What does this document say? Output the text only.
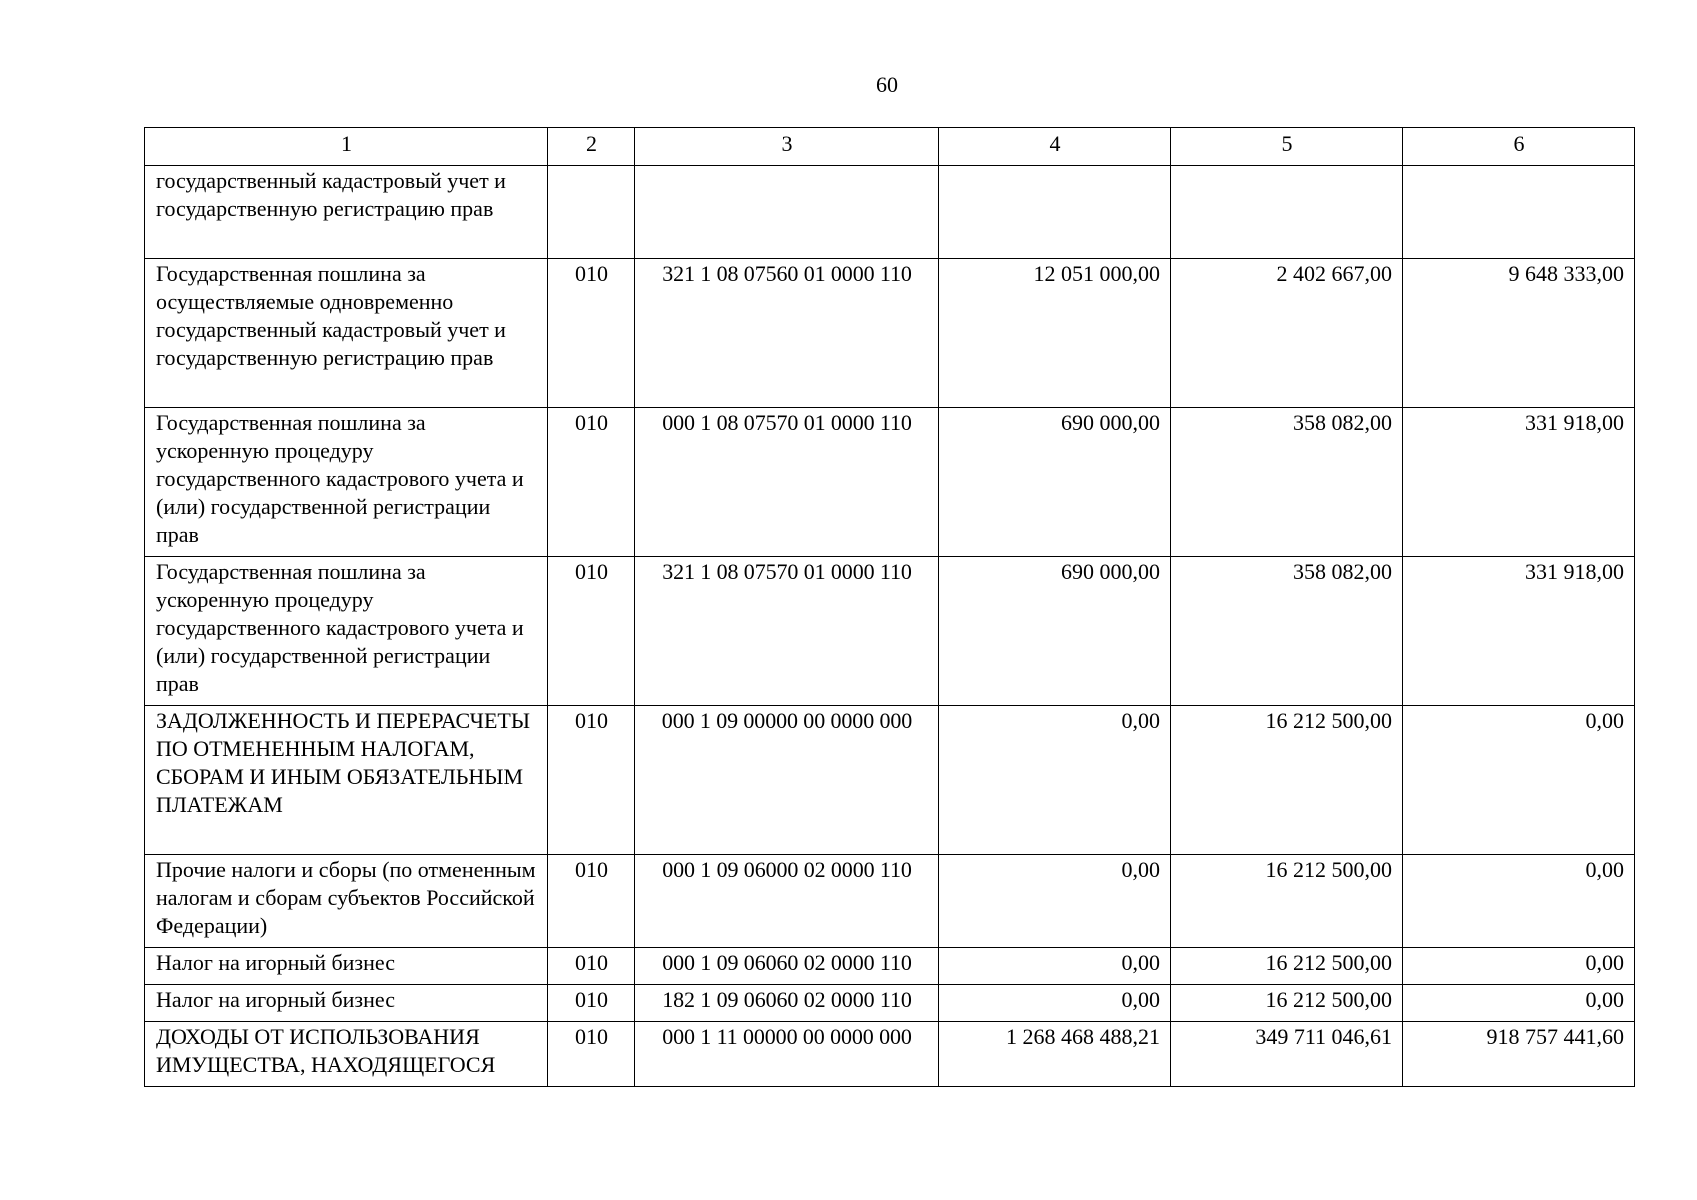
60
1	2	3	4	5	6
государственный кадастровый учет и государственную регистрацию прав					
Государственная пошлина за осуществляемые одновременно государственный кадастровый учет и государственную регистрацию прав	010	321 1 08 07560 01 0000 110	12 051 000,00	2 402 667,00	9 648 333,00
Государственная пошлина за ускоренную процедуру государственного кадастрового учета и (или) государственной регистрации прав	010	000 1 08 07570 01 0000 110	690 000,00	358 082,00	331 918,00
Государственная пошлина за ускоренную процедуру государственного кадастрового учета и (или) государственной регистрации прав	010	321 1 08 07570 01 0000 110	690 000,00	358 082,00	331 918,00
ЗАДОЛЖЕННОСТЬ И ПЕРЕРАСЧЕТЫ ПО ОТМЕНЕННЫМ НАЛОГАМ, СБОРАМ И ИНЫМ ОБЯЗАТЕЛЬНЫМ ПЛАТЕЖАМ	010	000 1 09 00000 00 0000 000	0,00	16 212 500,00	0,00
Прочие налоги и сборы (по отмененным налогам и сборам субъектов Российской Федерации)	010	000 1 09 06000 02 0000 110	0,00	16 212 500,00	0,00
Налог на игорный бизнес	010	000 1 09 06060 02 0000 110	0,00	16 212 500,00	0,00
Налог на игорный бизнес	010	182 1 09 06060 02 0000 110	0,00	16 212 500,00	0,00
ДОХОДЫ ОТ ИСПОЛЬЗОВАНИЯ ИМУЩЕСТВА, НАХОДЯЩЕГОСЯ	010	000 1 11 00000 00 0000 000	1 268 468 488,21	349 711 046,61	918 757 441,60
